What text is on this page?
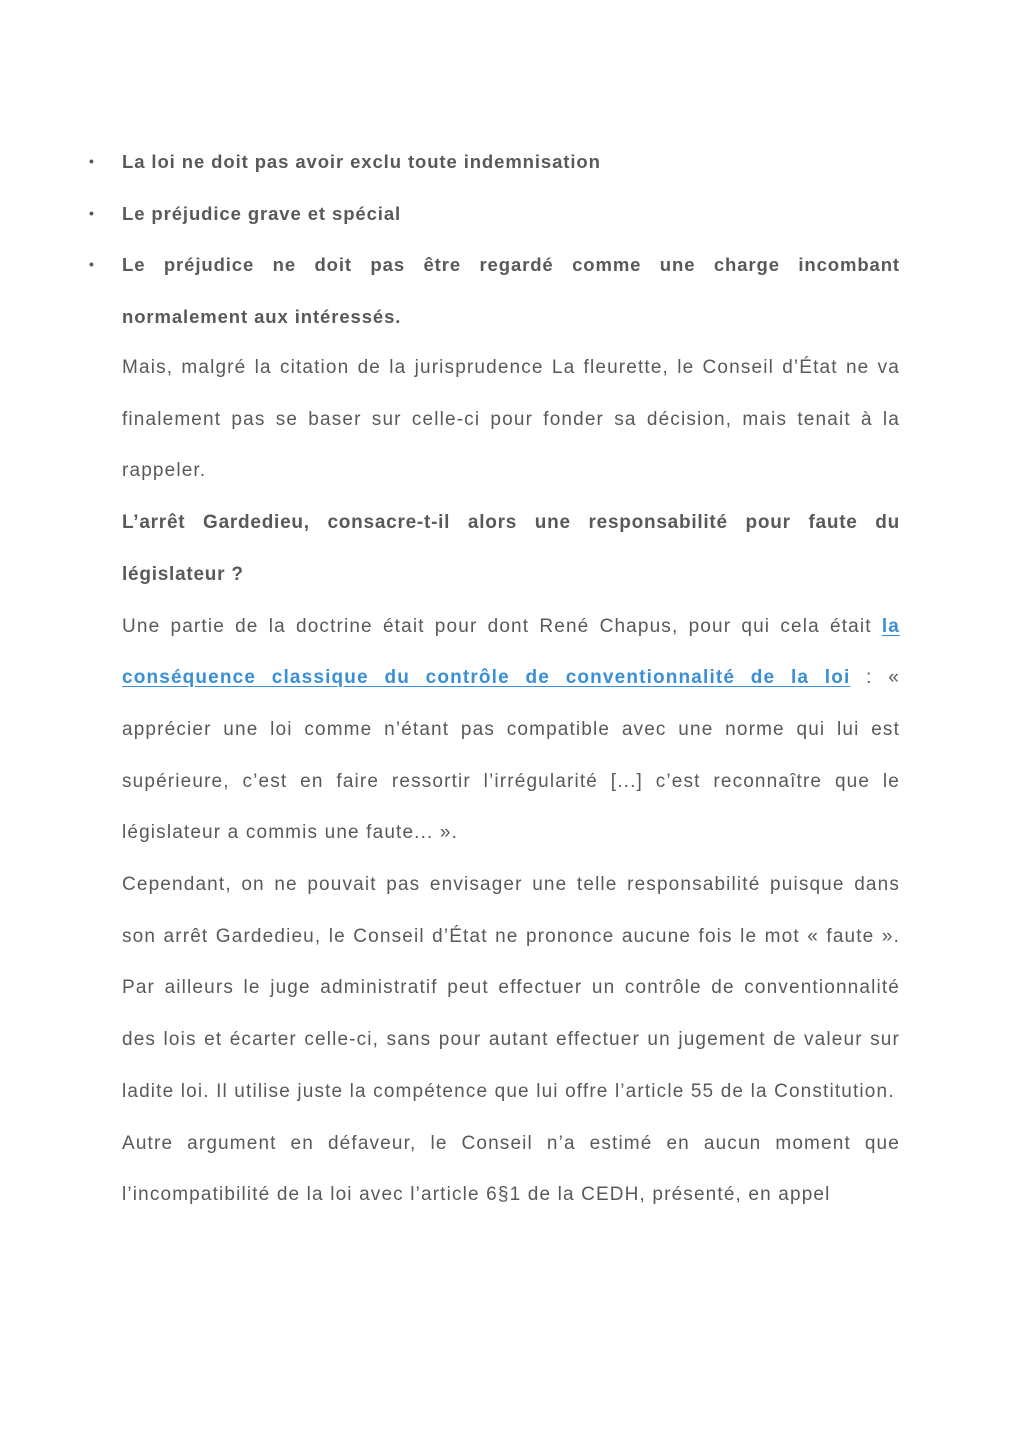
• La loi ne doit pas avoir exclu toute indemnisation
• Le préjudice grave et spécial
• Le préjudice ne doit pas être regardé comme une charge incombant normalement aux intéressés.

Mais, malgré la citation de la jurisprudence La fleurette, le Conseil d’État ne va finalement pas se baser sur celle-ci pour fonder sa décision, mais tenait à la rappeler.

L’arrêt Gardedieu, consacre-t-il alors une responsabilité pour faute du législateur ?

Une partie de la doctrine était pour dont René Chapus, pour qui cela était la conséquence classique du contrôle de conventionnalité de la loi : « apprécier une loi comme n’étant pas compatible avec une norme qui lui est supérieure, c’est en faire ressortir l’irrégularité [...] c’est reconnaître que le législateur a commis une faute... ».

Cependant, on ne pouvait pas envisager une telle responsabilité puisque dans son arrêt Gardedieu, le Conseil d’État ne prononce aucune fois le mot « faute ». Par ailleurs le juge administratif peut effectuer un contrôle de conventionnalité des lois et écarter celle-ci, sans pour autant effectuer un jugement de valeur sur ladite loi. Il utilise juste la compétence que lui offre l’article 55 de la Constitution.

Autre argument en défaveur, le Conseil n’a estimé en aucun moment que l’incompatibilité de la loi avec l’article 6§1 de la CEDH, présenté, en appel
